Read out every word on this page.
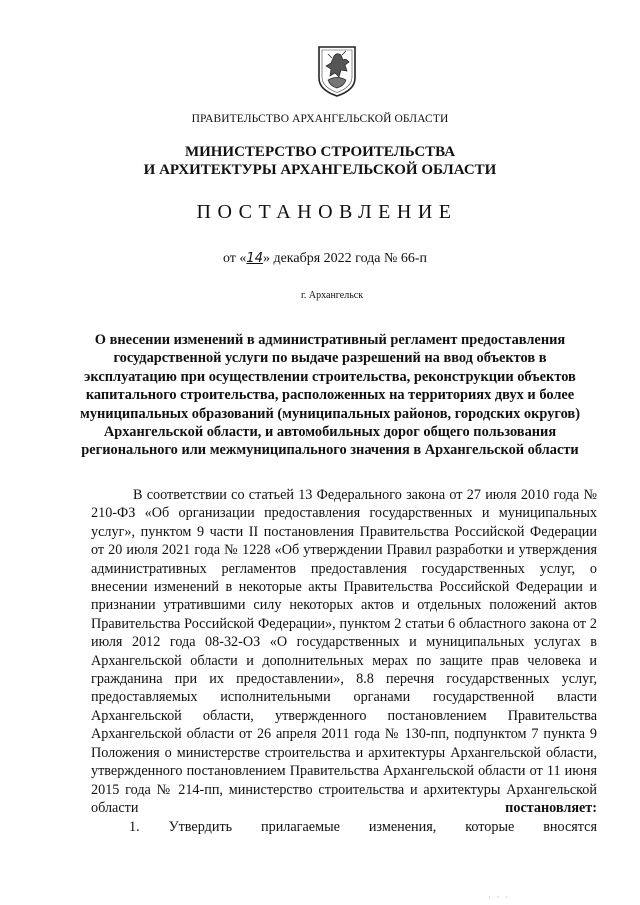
ПРАВИТЕЛЬСТВО АРХАНГЕЛЬСКОЙ ОБЛАСТИ
МИНИСТЕРСТВО СТРОИТЕЛЬСТВА
И АРХИТЕКТУРЫ АРХАНГЕЛЬСКОЙ ОБЛАСТИ
ПОСТАНОВЛЕНИЕ
от «14» декабря 2022 года № 66-п
г. Архангельск
О внесении изменений в административный регламент предоставления государственной услуги по выдаче разрешений на ввод объектов в эксплуатацию при осуществлении строительства, реконструкции объектов капитального строительства, расположенных на территориях двух и более муниципальных образований (муниципальных районов, городских округов) Архангельской области, и автомобильных дорог общего пользования регионального или межмуниципального значения в Архангельской области

В соответствии со статьей 13 Федерального закона от 27 июля 2010 года № 210-ФЗ «Об организации предоставления государственных и муниципальных услуг», пунктом 9 части II постановления Правительства Российской Федерации от 20 июля 2021 года № 1228 «Об утверждении Правил разработки и утверждения административных регламентов предоставления государственных услуг, о внесении изменений в некоторые акты Правительства Российской Федерации и признании утратившими силу некоторых актов и отдельных положений актов Правительства Российской Федерации», пунктом 2 статьи 6 областного закона от 2 июля 2012 года 08-32-ОЗ «О государственных и муниципальных услугах в Архангельской области и дополнительных мерах по защите прав человека и гражданина при их предоставлении», 8.8 перечня государственных услуг, предоставляемых исполнительными органами государственной власти Архангельской области, утвержденного постановлением Правительства Архангельской области от 26 апреля 2011 года № 130-пп, подпунктом 7 пункта 9 Положения о министерстве строительства и архитектуры Архангельской области, утвержденного постановлением Правительства Архангельской области от 11 июня 2015 года № 214-пп, министерство строительства и архитектуры Архангельской области	постановляет:

1. Утвердить прилагаемые изменения, которые вносятся
· · ·
